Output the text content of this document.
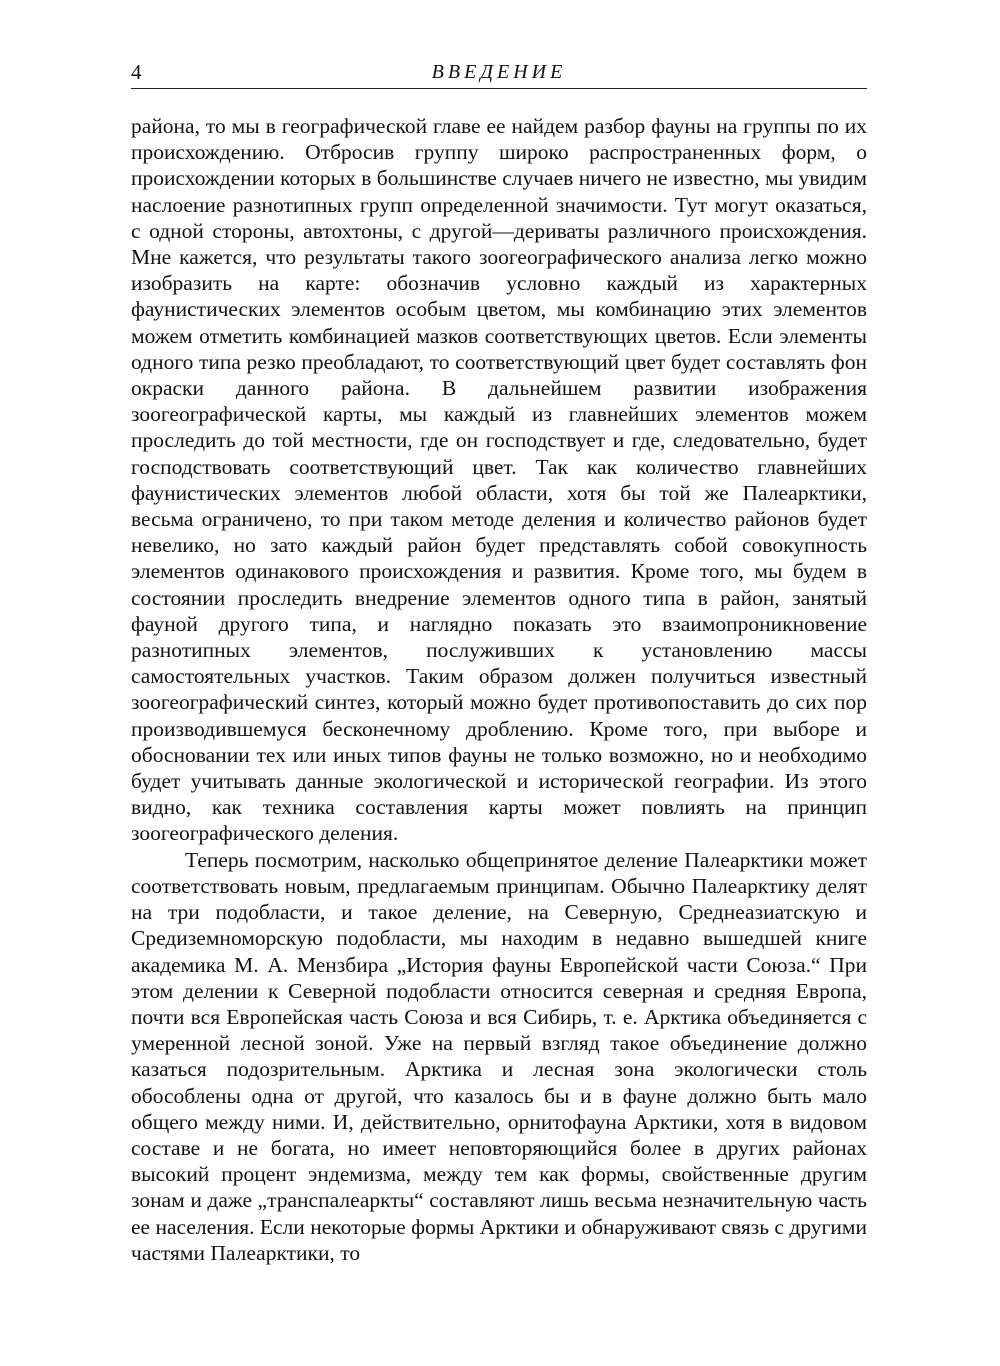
4	ВВЕДЕНИЕ

района, то мы в географической главе ее найдем разбор фауны на группы по их происхождению. Отбросив группу широко распространенных форм, о происхождении которых в большинстве случаев ничего не известно, мы увидим наслоение разнотипных групп определенной значимости. Тут могут оказаться, с одной стороны, автохтоны, с другой—дериваты различного происхождения. Мне кажется, что результаты такого зоогеографического анализа легко можно изобразить на карте: обозначив условно каждый из характерных фаунистических элементов особым цветом, мы комбинацию этих элементов можем отметить комбинацией мазков соответствующих цветов. Если элементы одного типа резко преобладают, то соответствующий цвет будет составлять фон окраски данного района. В дальнейшем развитии изображения зоогеографической карты, мы каждый из главнейших элементов можем проследить до той местности, где он господствует и где, следовательно, будет господствовать соответствующий цвет. Так как количество главнейших фаунистических элементов любой области, хотя бы той же Палеарктики, весьма ограничено, то при таком методе деления и количество районов будет невелико, но зато каждый район будет представлять собой совокупность элементов одинакового происхождения и развития. Кроме того, мы будем в состоянии проследить внедрение элементов одного типа в район, занятый фауной другого типа, и наглядно показать это взаимопроникновение разнотипных элементов, послуживших к установлению массы самостоятельных участков. Таким образом должен получиться известный зоогеографический синтез, который можно будет противопоставить до сих пор производившемуся бесконечному дроблению. Кроме того, при выборе и обосновании тех или иных типов фауны не только возможно, но и необходимо будет учитывать данные экологической и исторической географии. Из этого видно, как техника составления карты может повлиять на принцип зоогеографического деления.

Теперь посмотрим, насколько общепринятое деление Палеарктики может соответствовать новым, предлагаемым принципам. Обычно Палеарктику делят на три подобласти, и такое деление, на Северную, Среднеазиатскую и Средиземноморскую подобласти, мы находим в недавно вышедшей книге академика М. А. Мензбира „История фауны Европейской части Союза.“ При этом делении к Северной подобласти относится северная и средняя Европа, почти вся Европейская часть Союза и вся Сибирь, т. е. Арктика объединяется с умеренной лесной зоной. Уже на первый взгляд такое объединение должно казаться подозрительным. Арктика и лесная зона экологически столь обособлены одна от другой, что казалось бы и в фауне должно быть мало общего между ними. И, действительно, орнитофауна Арктики, хотя в видовом составе и не богата, но имеет неповторяющийся более в других районах высокий процент эндемизма, между тем как формы, свойственные другим зонам и даже „транспалеаркты“ составляют лишь весьма незначительную часть ее населения. Если некоторые формы Арктики и обнаруживают связь с другими частями Палеарктики, то
